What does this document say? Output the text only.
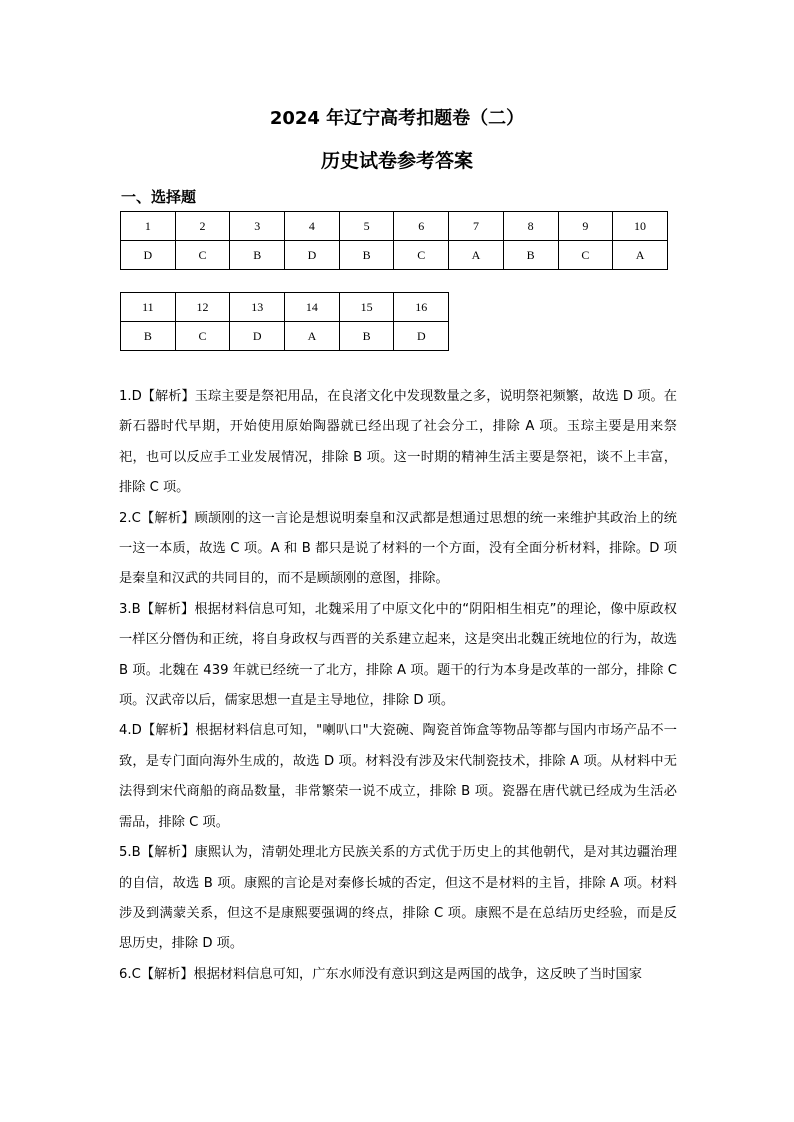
2024 年辽宁高考扣题卷（二）
历史试卷参考答案
一、选择题
1	2	3	4	5	6	7	8	9	10
D	C	B	D	B	C	A	B	C	A
11	12	13	14	15	16
B	C	D	A	B	D

1.D【解析】玉琮主要是祭祀用品，在良渚文化中发现数量之多，说明祭祀频繁，故选 D 项。在新石器时代早期，开始使用原始陶器就已经出现了社会分工，排除 A 项。玉琮主要是用来祭祀，也可以反应手工业发展情况，排除 B 项。这一时期的精神生活主要是祭祀，谈不上丰富，排除 C 项。

2.C【解析】顾颉刚的这一言论是想说明秦皇和汉武都是想通过思想的统一来维护其政治上的统一这一本质，故选 C 项。A 和 B 都只是说了材料的一个方面，没有全面分析材料，排除。D 项是秦皇和汉武的共同目的，而不是顾颉刚的意图，排除。

3.B【解析】根据材料信息可知，北魏采用了中原文化中的“阴阳相生相克”的理论，像中原政权一样区分僭伪和正统，将自身政权与西晋的关系建立起来，这是突出北魏正统地位的行为，故选 B 项。北魏在 439 年就已经统一了北方，排除 A 项。题干的行为本身是改革的一部分，排除 C 项。汉武帝以后，儒家思想一直是主导地位，排除 D 项。

4.D【解析】根据材料信息可知，"喇叭口"大瓷碗、陶瓷首饰盒等物品等都与国内市场产品不一致，是专门面向海外生成的，故选 D 项。材料没有涉及宋代制瓷技术，排除 A 项。从材料中无法得到宋代商船的商品数量，非常繁荣一说不成立，排除 B 项。瓷器在唐代就已经成为生活必需品，排除 C 项。

5.B【解析】康熙认为，清朝处理北方民族关系的方式优于历史上的其他朝代，是对其边疆治理的自信，故选 B 项。康熙的言论是对秦修长城的否定，但这不是材料的主旨，排除 A 项。材料涉及到满蒙关系，但这不是康熙要强调的终点，排除 C 项。康熙不是在总结历史经验，而是反思历史，排除 D 项。

6.C【解析】根据材料信息可知，广东水师没有意识到这是两国的战争，这反映了当时国家
